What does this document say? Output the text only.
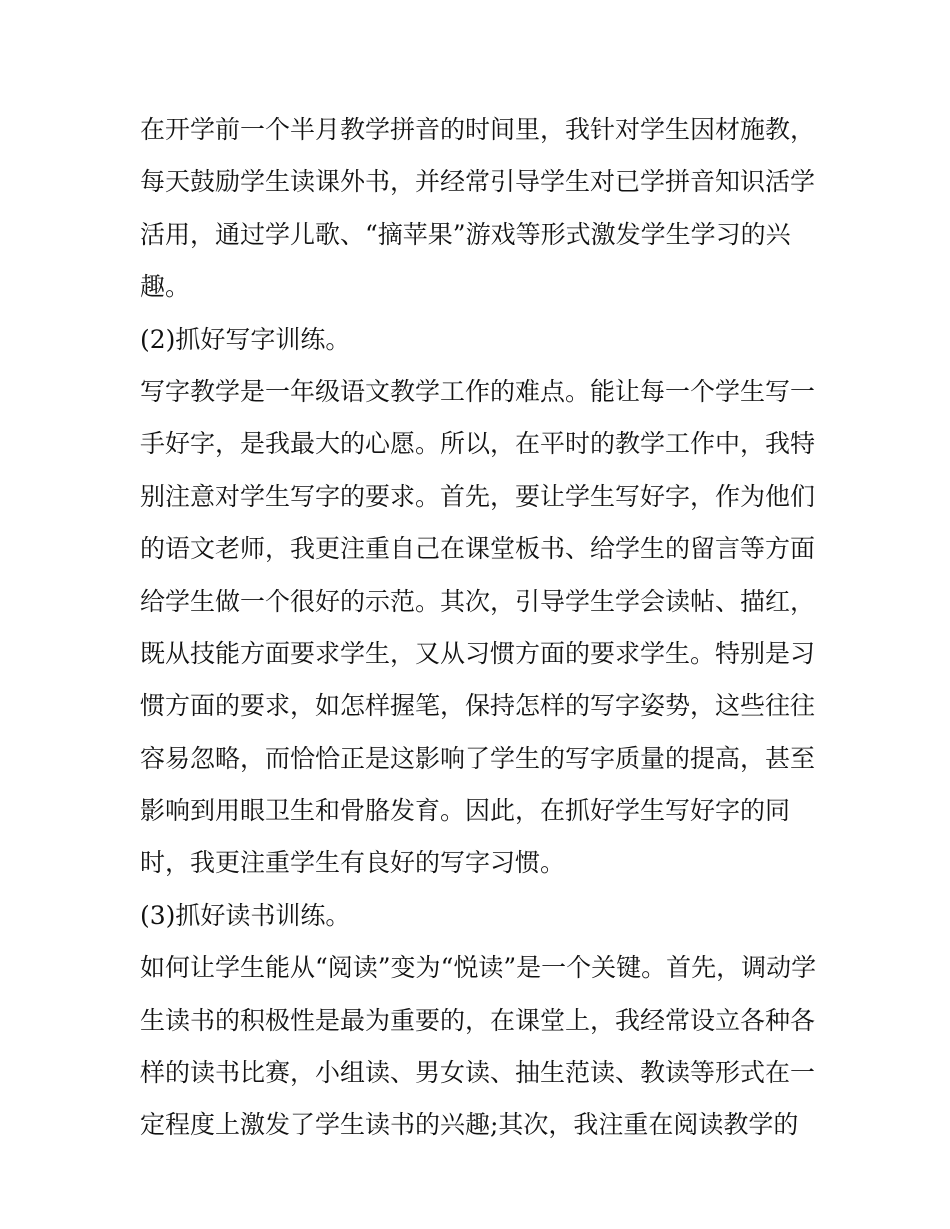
在开学前一个半月教学拼音的时间里，我针对学生因材施教，
每天鼓励学生读课外书，并经常引导学生对已学拼音知识活学
活用，通过学儿歌、“摘苹果”游戏等形式激发学生学习的兴
趣。
(2)抓好写字训练。
写字教学是一年级语文教学工作的难点。能让每一个学生写一
手好字，是我最大的心愿。所以，在平时的教学工作中，我特
别注意对学生写字的要求。首先，要让学生写好字，作为他们
的语文老师，我更注重自己在课堂板书、给学生的留言等方面
给学生做一个很好的示范。其次，引导学生学会读帖、描红，
既从技能方面要求学生，又从习惯方面的要求学生。特别是习
惯方面的要求，如怎样握笔，保持怎样的写字姿势，这些往往
容易忽略，而恰恰正是这影响了学生的写字质量的提高，甚至
影响到用眼卫生和骨胳发育。因此，在抓好学生写好字的同
时，我更注重学生有良好的写字习惯。
(3)抓好读书训练。
如何让学生能从“阅读”变为“悦读”是一个关键。首先，调动学
生读书的积极性是最为重要的，在课堂上，我经常设立各种各
样的读书比赛，小组读、男女读、抽生范读、教读等形式在一
定程度上激发了学生读书的兴趣;其次，我注重在阅读教学的
